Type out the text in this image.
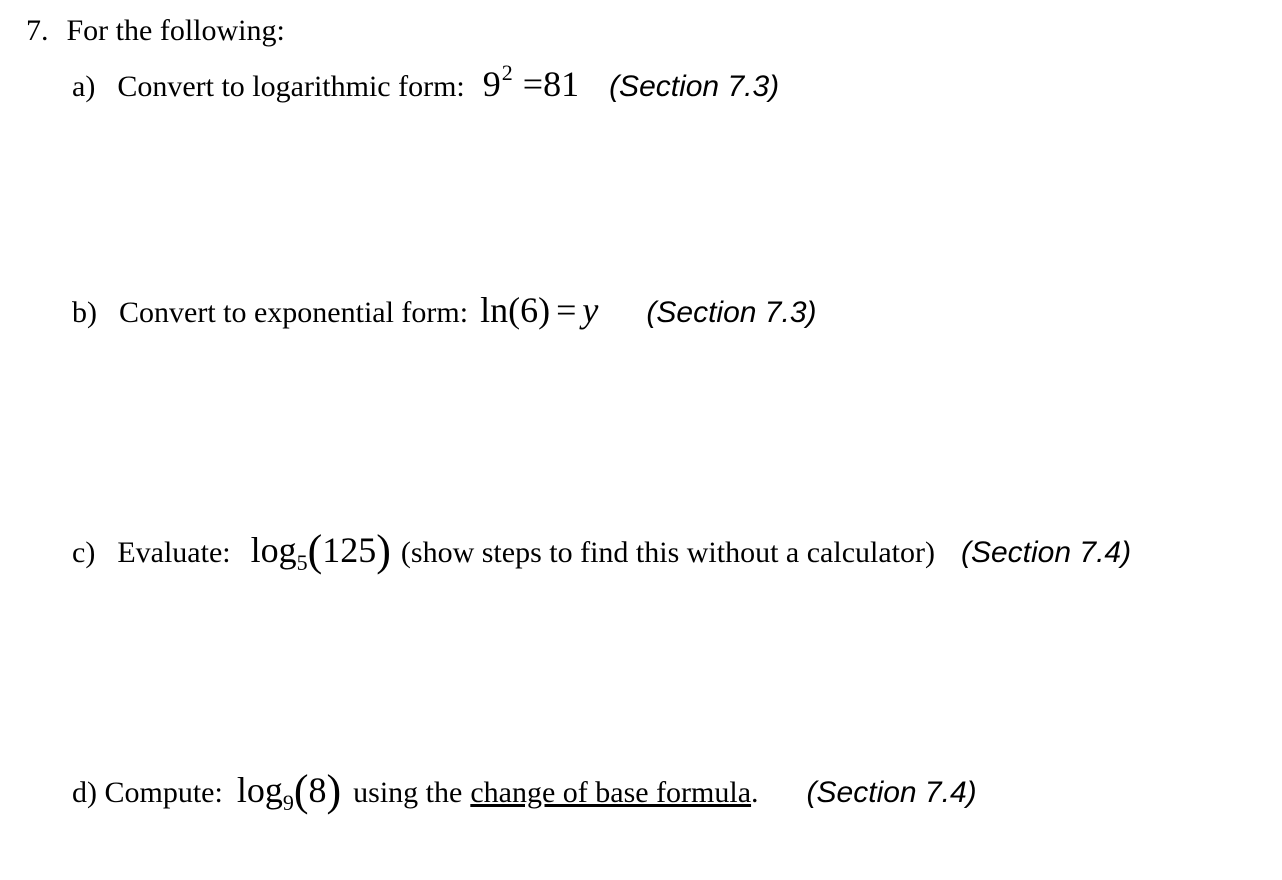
7. For the following:
a) Convert to logarithmic form: $9^2 =81$ (Section 7.3)
b) Convert to exponential form: ln(6) = y (Section 7.3)
c) Evaluate: $\log_5(125)$ (show steps to find this without a calculator) (Section 7.4)
d) Compute: $\log_9(8)$ using the change of base formula. (Section 7.4)
